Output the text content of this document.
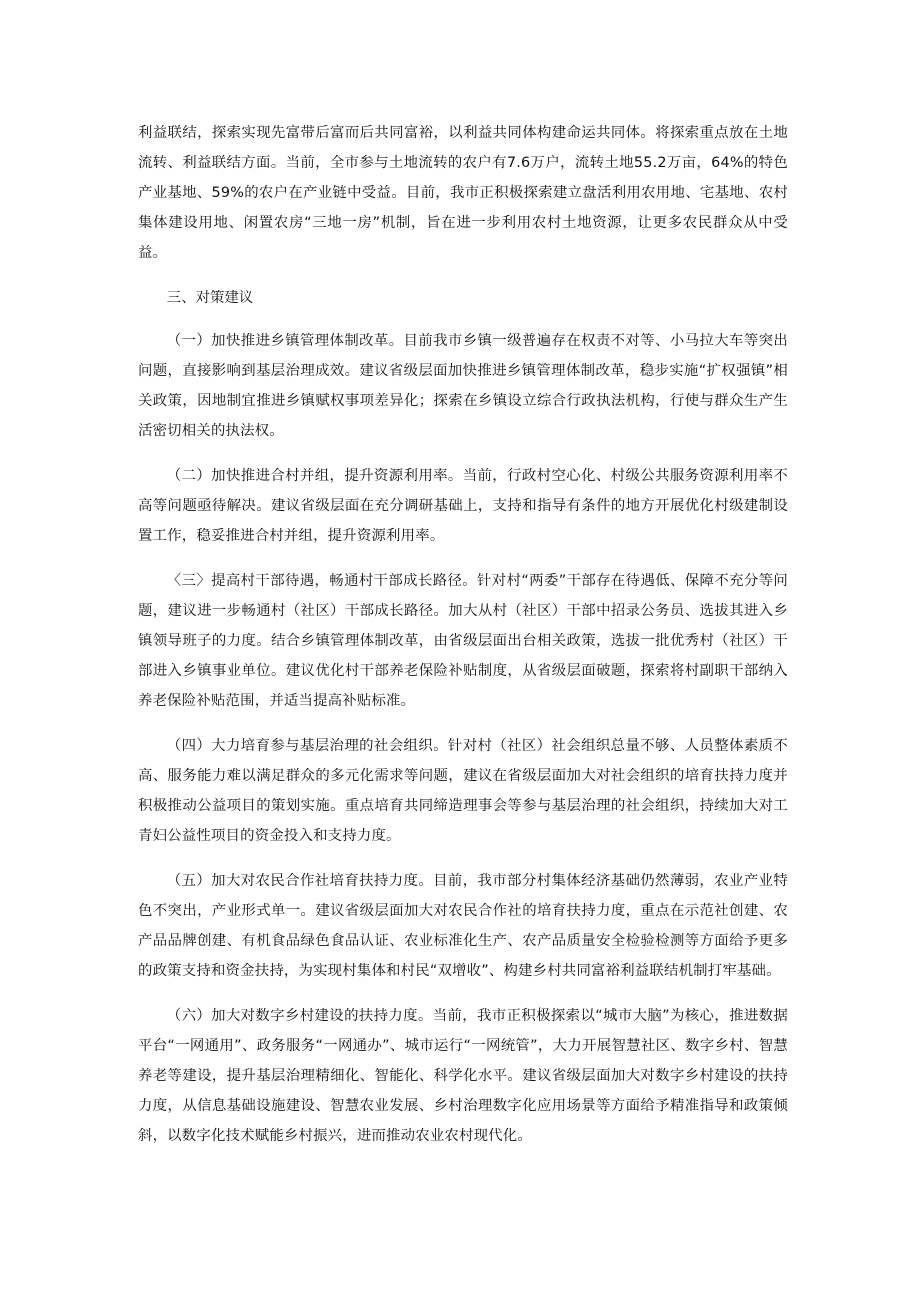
利益联结，探索实现先富带后富而后共同富裕，以利益共同体构建命运共同体。将探索重点放在土地流转、利益联结方面。当前，全市参与土地流转的农户有7.6万户，流转土地55.2万亩，64%的特色产业基地、59%的农户在产业链中受益。目前，我市正积极探索建立盘活利用农用地、宅基地、农村集体建设用地、闲置农房“三地一房”机制，旨在进一步利用农村土地资源，让更多农民群众从中受益。

三、对策建议

（一）加快推进乡镇管理体制改革。目前我市乡镇一级普遍存在权责不对等、小马拉大车等突出问题，直接影响到基层治理成效。建议省级层面加快推进乡镇管理体制改革，稳步实施“扩权强镇”相关政策，因地制宜推进乡镇赋权事项差异化；探索在乡镇设立综合行政执法机构，行使与群众生产生活密切相关的执法权。

（二）加快推进合村并组，提升资源利用率。当前，行政村空心化、村级公共服务资源利用率不高等问题亟待解决。建议省级层面在充分调研基础上，支持和指导有条件的地方开展优化村级建制设置工作，稳妥推进合村并组，提升资源利用率。

〈三〉提高村干部待遇，畅通村干部成长路径。针对村“两委”干部存在待遇低、保障不充分等问题，建议进一步畅通村（社区）干部成长路径。加大从村（社区）干部中招录公务员、选拔其进入乡镇领导班子的力度。结合乡镇管理体制改革，由省级层面出台相关政策，选拔一批优秀村（社区）干部进入乡镇事业单位。建议优化村干部养老保险补贴制度，从省级层面破题，探索将村副职干部纳入养老保险补贴范围，并适当提高补贴标准。

（四）大力培育参与基层治理的社会组织。针对村（社区）社会组织总量不够、人员整体素质不高、服务能力难以满足群众的多元化需求等问题，建议在省级层面加大对社会组织的培育扶持力度并积极推动公益项目的策划实施。重点培育共同缔造理事会等参与基层治理的社会组织，持续加大对工青妇公益性项目的资金投入和支持力度。

（五）加大对农民合作社培育扶持力度。目前，我市部分村集体经济基础仍然薄弱，农业产业特色不突出，产业形式单一。建议省级层面加大对农民合作社的培育扶持力度，重点在示范社创建、农产品品牌创建、有机食品绿色食品认证、农业标准化生产、农产品质量安全检验检测等方面给予更多的政策支持和资金扶持，为实现村集体和村民“双增收”、构建乡村共同富裕利益联结机制打牢基础。

（六）加大对数字乡村建设的扶持力度。当前，我市正积极探索以“城市大脑”为核心，推进数据平台“一网通用”、政务服务“一网通办”、城市运行“一网统管”，大力开展智慧社区、数字乡村、智慧养老等建设，提升基层治理精细化、智能化、科学化水平。建议省级层面加大对数字乡村建设的扶持力度，从信息基础设施建设、智慧农业发展、乡村治理数字化应用场景等方面给予精准指导和政策倾斜，以数字化技术赋能乡村振兴，进而推动农业农村现代化。
